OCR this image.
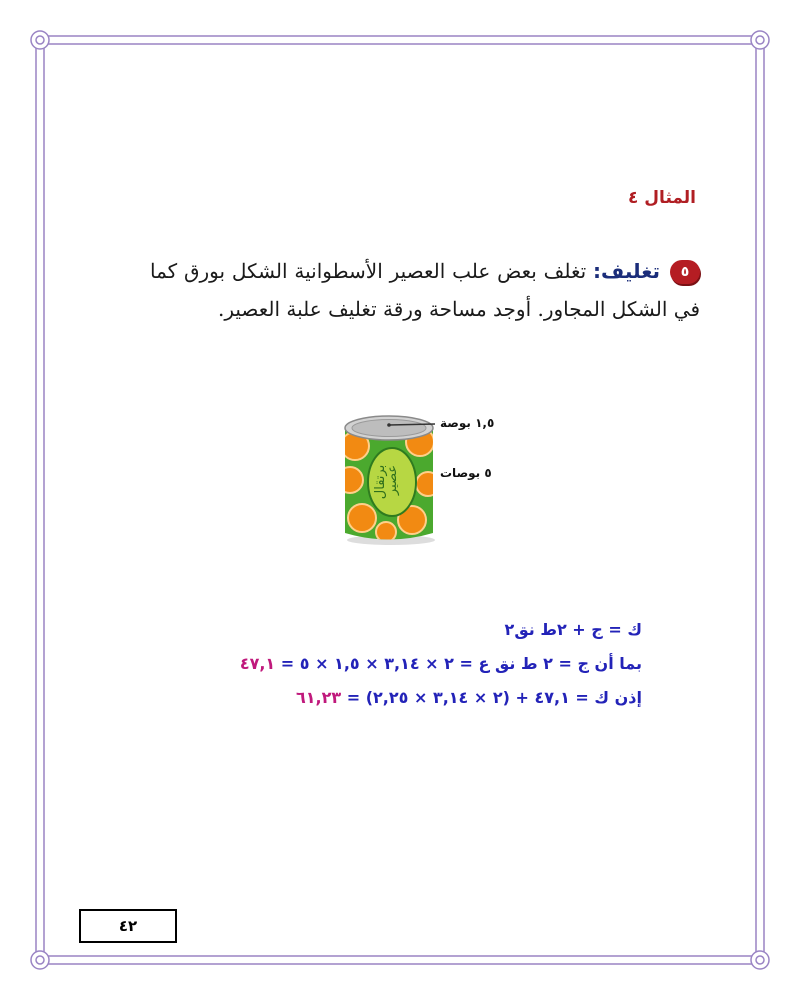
المثال ٤
٥تغليف: تغلف بعض علب العصير الأسطوانية الشكل بورق كما في الشكل المجاور. أوجد مساحة ورقة تغليف علبة العصير.
عصير
برتقال
١,٥ بوصة
٥ بوصات
ك = ج + ٢ط نق٢
بما أن ج = ٢ ط نق ع = ٢ × ٣,١٤ × ١,٥ × ٥ = ٤٧,١
إذن ك = ٤٧,١ + (٢ × ٣,١٤ × ٢,٢٥) = ٦١,٢٣
٤٢
